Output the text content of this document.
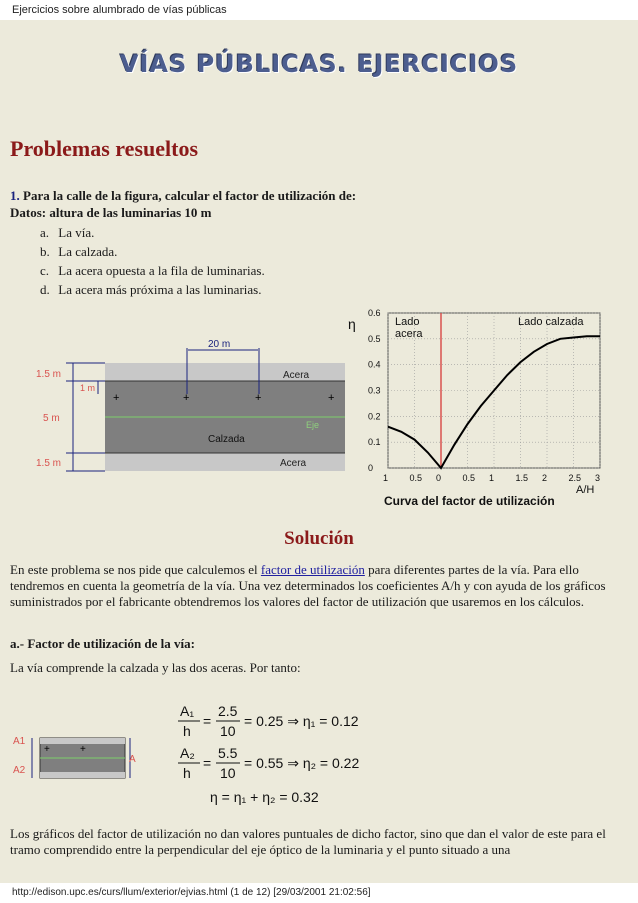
Ejercicios sobre alumbrado de vías públicas
VÍAS PÚBLICAS. EJERCICIOS
Problemas resueltos
1. Para la calle de la figura, calcular el factor de utilización de:
Datos: altura de las luminarias 10 m
a. La vía.
b. La calzada.
c. La acera opuesta a la fila de luminarias.
d. La acera más próxima a las luminarias.
Acera
Calzada
Acera
Eje
+	+	+	+
20 m
1.5 m
1 m
5 m
1.5 m
η
0.6
0.5
0.4
0.3
0.2
0.1
0
1 0.5 0 0.5 1 1.5 2 2.5 3
Lado
acera
Lado calzada
A/H
Curva del factor de utilización
Solución
En este problema se nos pide que calculemos el factor de utilización para diferentes partes de la vía. Para ello tendremos en cuenta la geometría de la vía. Una vez determinados los coeficientes A/h y con ayuda de los gráficos suministrados por el fabricante obtendremos los valores del factor de utilización que usaremos en los cálculos.
a.- Factor de utilización de la vía:
La vía comprende la calzada y las dos aceras. Por tanto:
+	+
A1
A2
A
A₁
h
=
2.5
10
= 0.25 ⇒ η₁ = 0.12
A₂
h
=
5.5
10
= 0.55 ⇒ η₂ = 0.22
η = η₁ + η₂ = 0.32
Los gráficos del factor de utilización no dan valores puntuales de dicho factor, sino que dan el valor de este para el tramo comprendido entre la perpendicular del eje óptico de la luminaria y el punto situado a una
http://edison.upc.es/curs/llum/exterior/ejvias.html (1 de 12) [29/03/2001 21:02:56]
